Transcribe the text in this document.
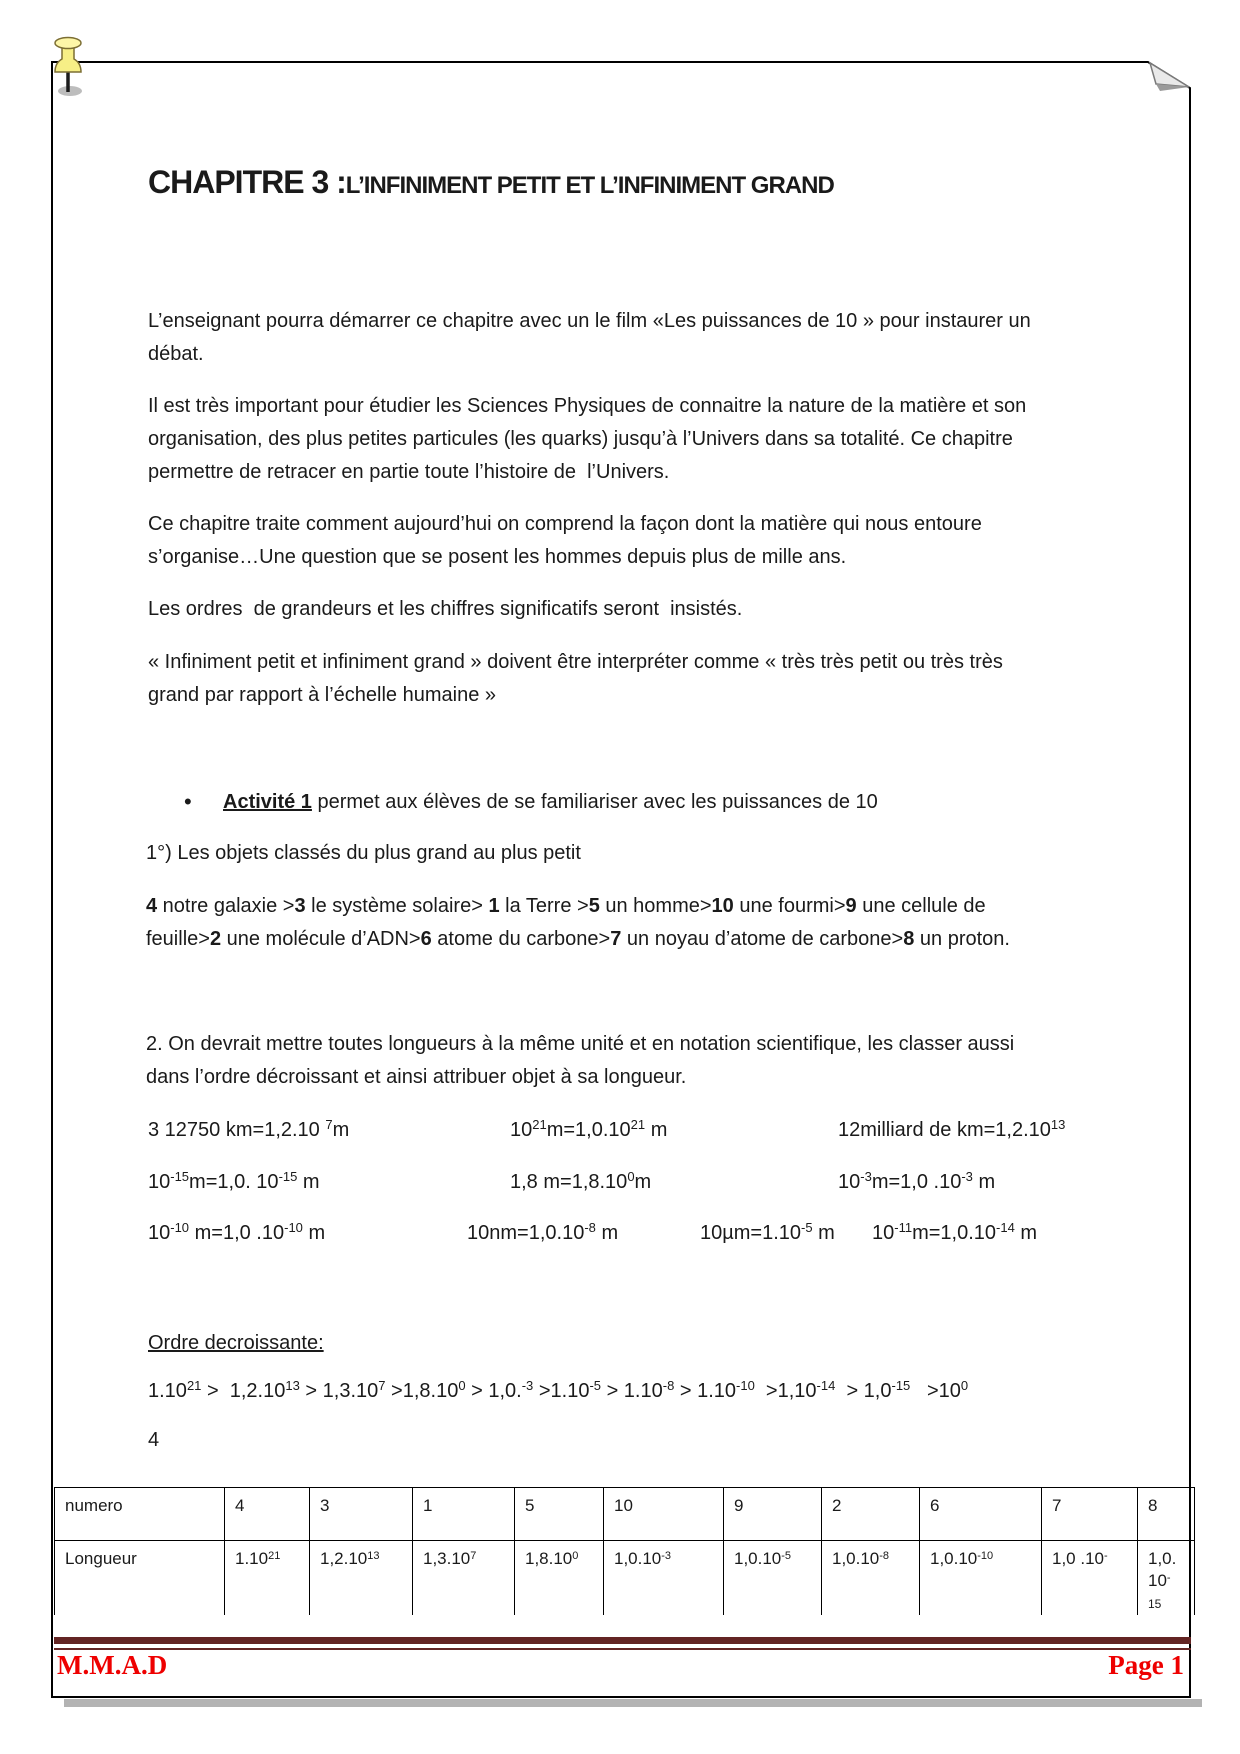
CHAPITRE 3 :L’INFINIMENT PETIT ET L’INFINIMENT GRAND
L’enseignant pourra démarrer ce chapitre avec un le film «Les puissances de 10 » pour instaurer un
débat.
Il est très important pour étudier les Sciences Physiques de connaitre la nature de la matière et son
organisation, des plus petites particules (les quarks) jusqu’à l’Univers dans sa totalité. Ce chapitre
permettre de retracer en partie toute l’histoire de  l’Univers.
Ce chapitre traite comment aujourd’hui on comprend la façon dont la matière qui nous entoure
s’organise…Une question que se posent les hommes depuis plus de mille ans.
Les ordres  de grandeurs et les chiffres significatifs seront  insistés.
« Infiniment petit et infiniment grand » doivent être interpréter comme « très très petit ou très très
grand par rapport à l’échelle humaine »
• Activité 1 permet aux élèves de se familiariser avec les puissances de 10
1°) Les objets classés du plus grand au plus petit
4 notre galaxie >3 le système solaire> 1 la Terre >5 un homme>10 une fourmi>9 une cellule de
feuille>2 une molécule d’ADN>6 atome du carbone>7 un noyau d’atome de carbone>8 un proton.
2. On devrait mettre toutes longueurs à la même unité et en notation scientifique, les classer aussi
dans l’ordre décroissant et ainsi attribuer objet à sa longueur.
3 12750 km=1,2.10 $^7$m	$10^{21}m=1,0.10^{21}$ m	12milliard de $km=1,2.10^{13}$
$10^{-15}m=1,0$. $10^{-15}$ m	1,8 $m=1,8.10^0m$	$10^{-3}m=1,0$ $.10^{-3}$ m
$10^{-10}$ m=1,0 $.10^{-10}$ m	$10nm=1,0.10^{-8}$ m	$10\mu m=1.10^{-5}$ m $10^{-11}m=1,0.10^{-14}$ m
Ordre decroissante:
$1.10^{21} > 1,2.10^{13} > 1,3.10^7 >1,8.10^0 > 1,0.^{-3} >1.10^{-5} > 1.10^{-8} > 1.10^{-10} >1,10^{-14} > 1,0^{-15} >10^0$
4
numero	4	3	1	5	10	9	2	6	7	8
Longueur	1.10$^{21}$	1,2.10$^{13}$	1,3.10$^7$	1,8.10$^0$	$1,0.10^{-3}$	$1,0.10^{-5}$	$1,0.10^{-8}$	$1,0.10^{-10}$	1,0 .10-	1,0. 10-
15
M.M.A.D	Page 1
